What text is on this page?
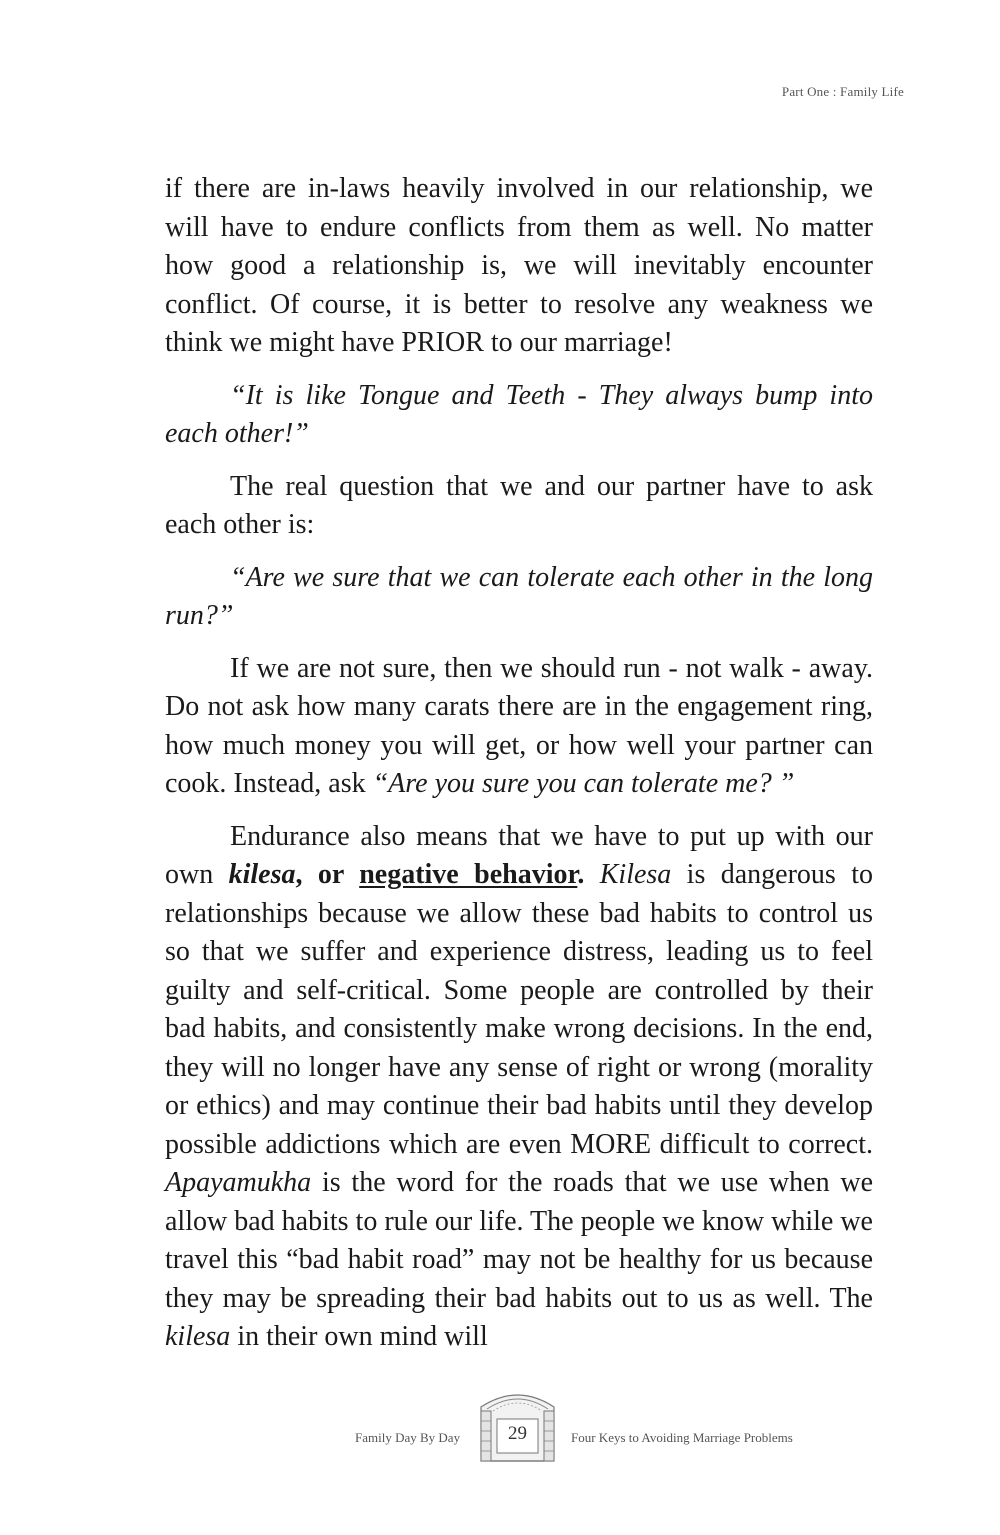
Part One : Family Life

if there are in-laws heavily involved in our relationship, we will have to endure conflicts from them as well. No matter how good a relationship is, we will inevitably encounter conflict. Of course, it is better to resolve any weakness we think we might have PRIOR to our marriage!

“It is like Tongue and Teeth - They always bump into each other!”

The real question that we and our partner have to ask each other is:

“Are we sure that we can tolerate each other in the long run?”

If we are not sure, then we should run - not walk - away. Do not ask how many carats there are in the engagement ring, how much money you will get, or how well your partner can cook. Instead, ask “Are you sure you can tolerate me? ”

Endurance also means that we have to put up with our own kilesa, or negative behavior. Kilesa is dangerous to relationships because we allow these bad habits to control us so that we suffer and experience distress, leading us to feel guilty and self-critical. Some people are controlled by their bad habits, and consistently make wrong decisions. In the end, they will no longer have any sense of right or wrong (morality or ethics) and may continue their bad habits until they develop possible addictions which are even MORE difficult to correct. Apayamukha is the word for the roads that we use when we allow bad habits to rule our life. The people we know while we travel this “bad habit road” may not be healthy for us because they may be spreading their bad habits out to us as well. The kilesa in their own mind will

Family Day By Day	29	Four Keys to Avoiding Marriage Problems
